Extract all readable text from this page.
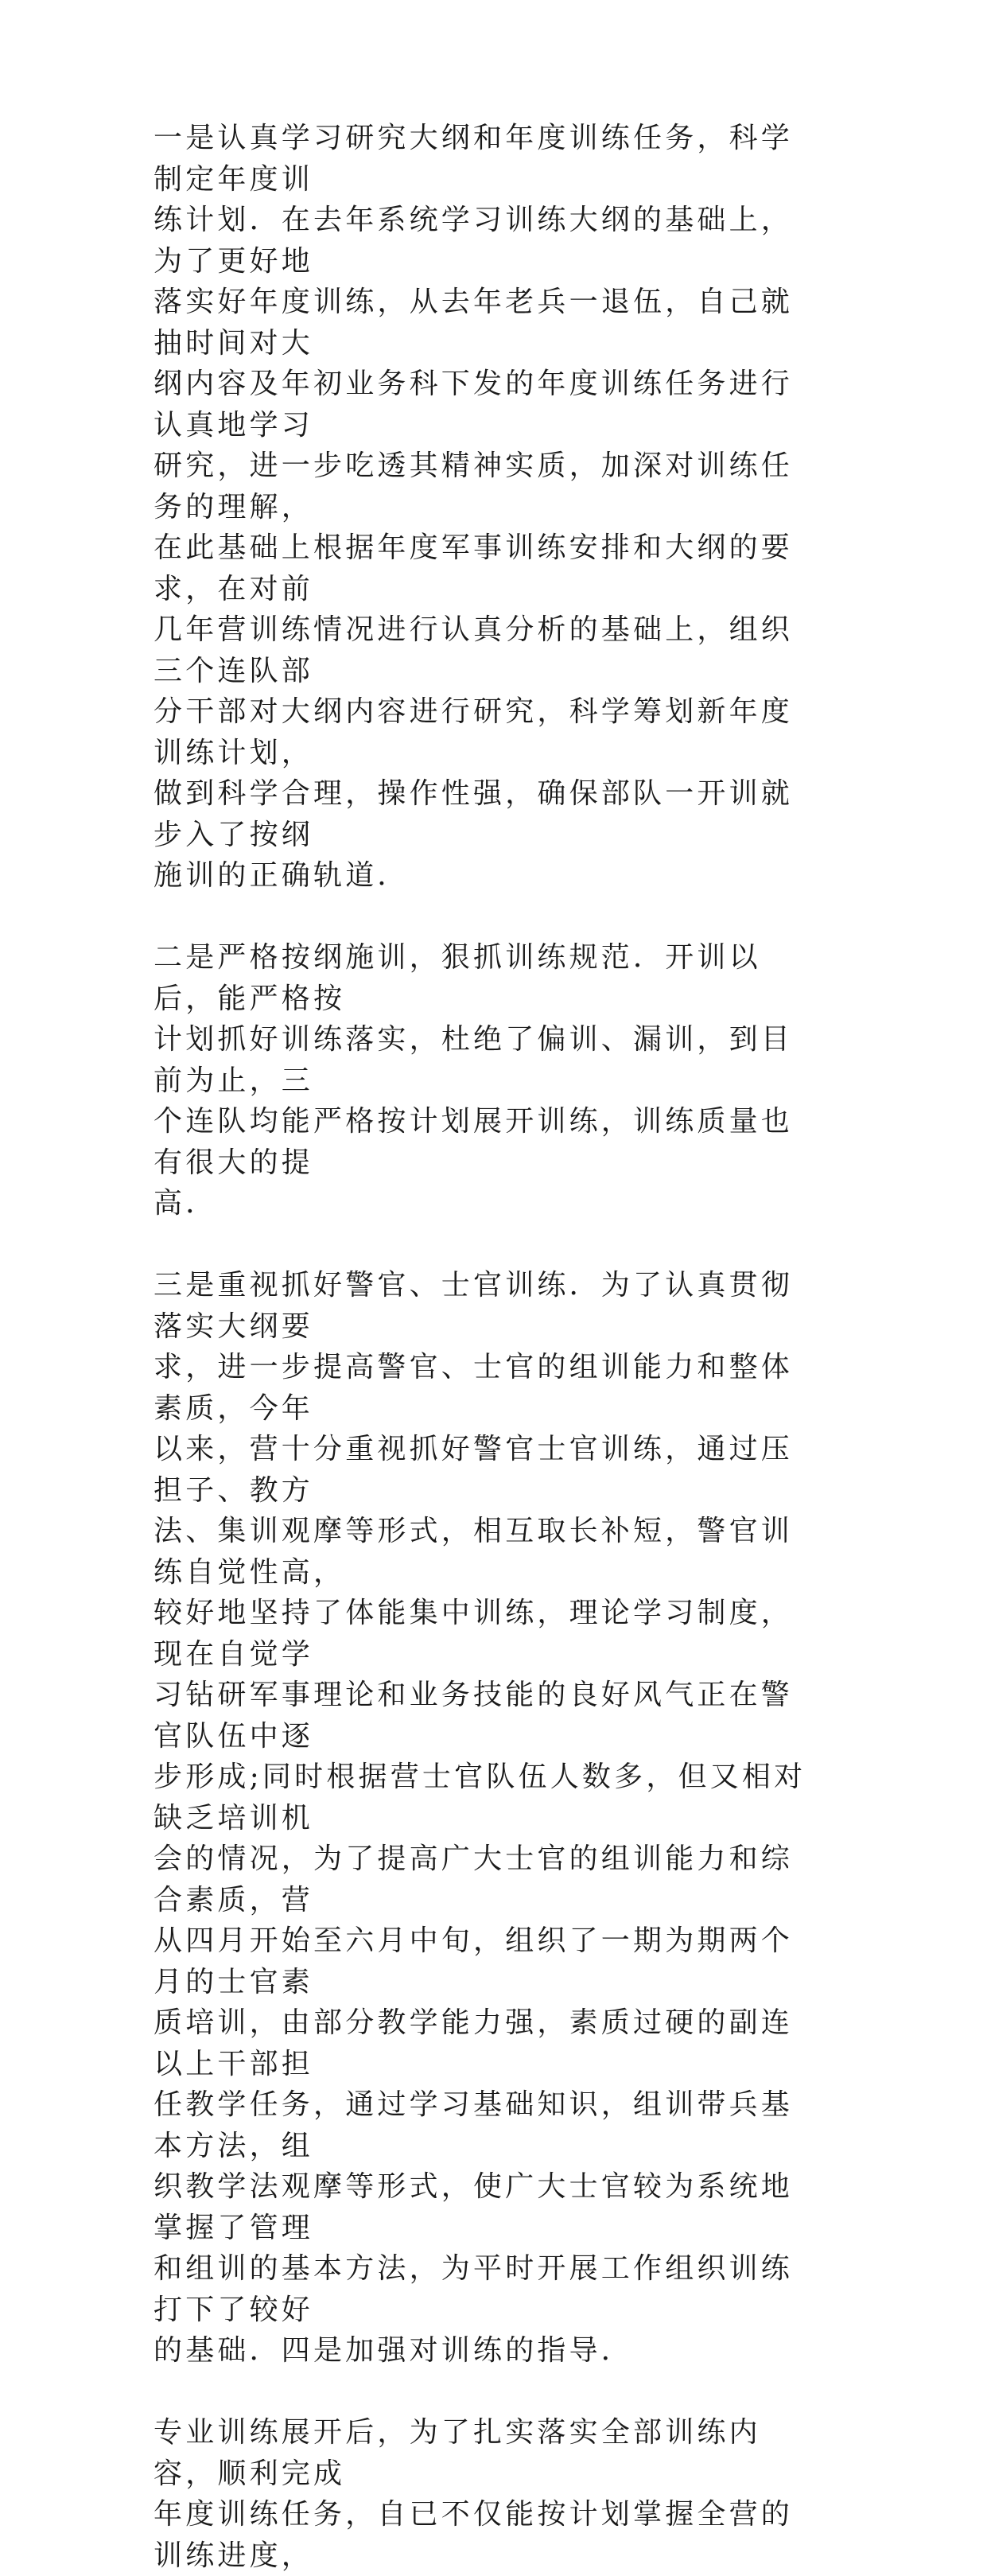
一是认真学习研究大纲和年度训练任务，科学制定年度训
练计划．在去年系统学习训练大纲的基础上，为了更好地
落实好年度训练，从去年老兵一退伍，自己就抽时间对大
纲内容及年初业务科下发的年度训练任务进行认真地学习
研究，进一步吃透其精神实质，加深对训练任务的理解，
在此基础上根据年度军事训练安排和大纲的要求，在对前
几年营训练情况进行认真分析的基础上，组织三个连队部
分干部对大纲内容进行研究，科学筹划新年度训练计划，
做到科学合理，操作性强，确保部队一开训就步入了按纲
施训的正确轨道．

二是严格按纲施训，狠抓训练规范．开训以后，能严格按
计划抓好训练落实，杜绝了偏训、漏训，到目前为止，三
个连队均能严格按计划展开训练，训练质量也有很大的提
高．

三是重视抓好警官、士官训练．为了认真贯彻落实大纲要
求，进一步提高警官、士官的组训能力和整体素质，今年
以来，营十分重视抓好警官士官训练，通过压担子、教方
法、集训观摩等形式，相互取长补短，警官训练自觉性高，
较好地坚持了体能集中训练，理论学习制度，现在自觉学
习钻研军事理论和业务技能的良好风气正在警官队伍中逐
步形成;同时根据营士官队伍人数多，但又相对缺乏培训机
会的情况，为了提高广大士官的组训能力和综合素质，营
从四月开始至六月中旬，组织了一期为期两个月的士官素
质培训，由部分教学能力强，素质过硬的副连以上干部担
任教学任务，通过学习基础知识，组训带兵基本方法，组
织教学法观摩等形式，使广大士官较为系统地掌握了管理
和组训的基本方法，为平时开展工作组织训练打下了较好
的基础．四是加强对训练的指导．

专业训练展开后，为了扎实落实全部训练内容，顺利完成
年度训练任务，自已不仅能按计划掌握全营的训练进度，
